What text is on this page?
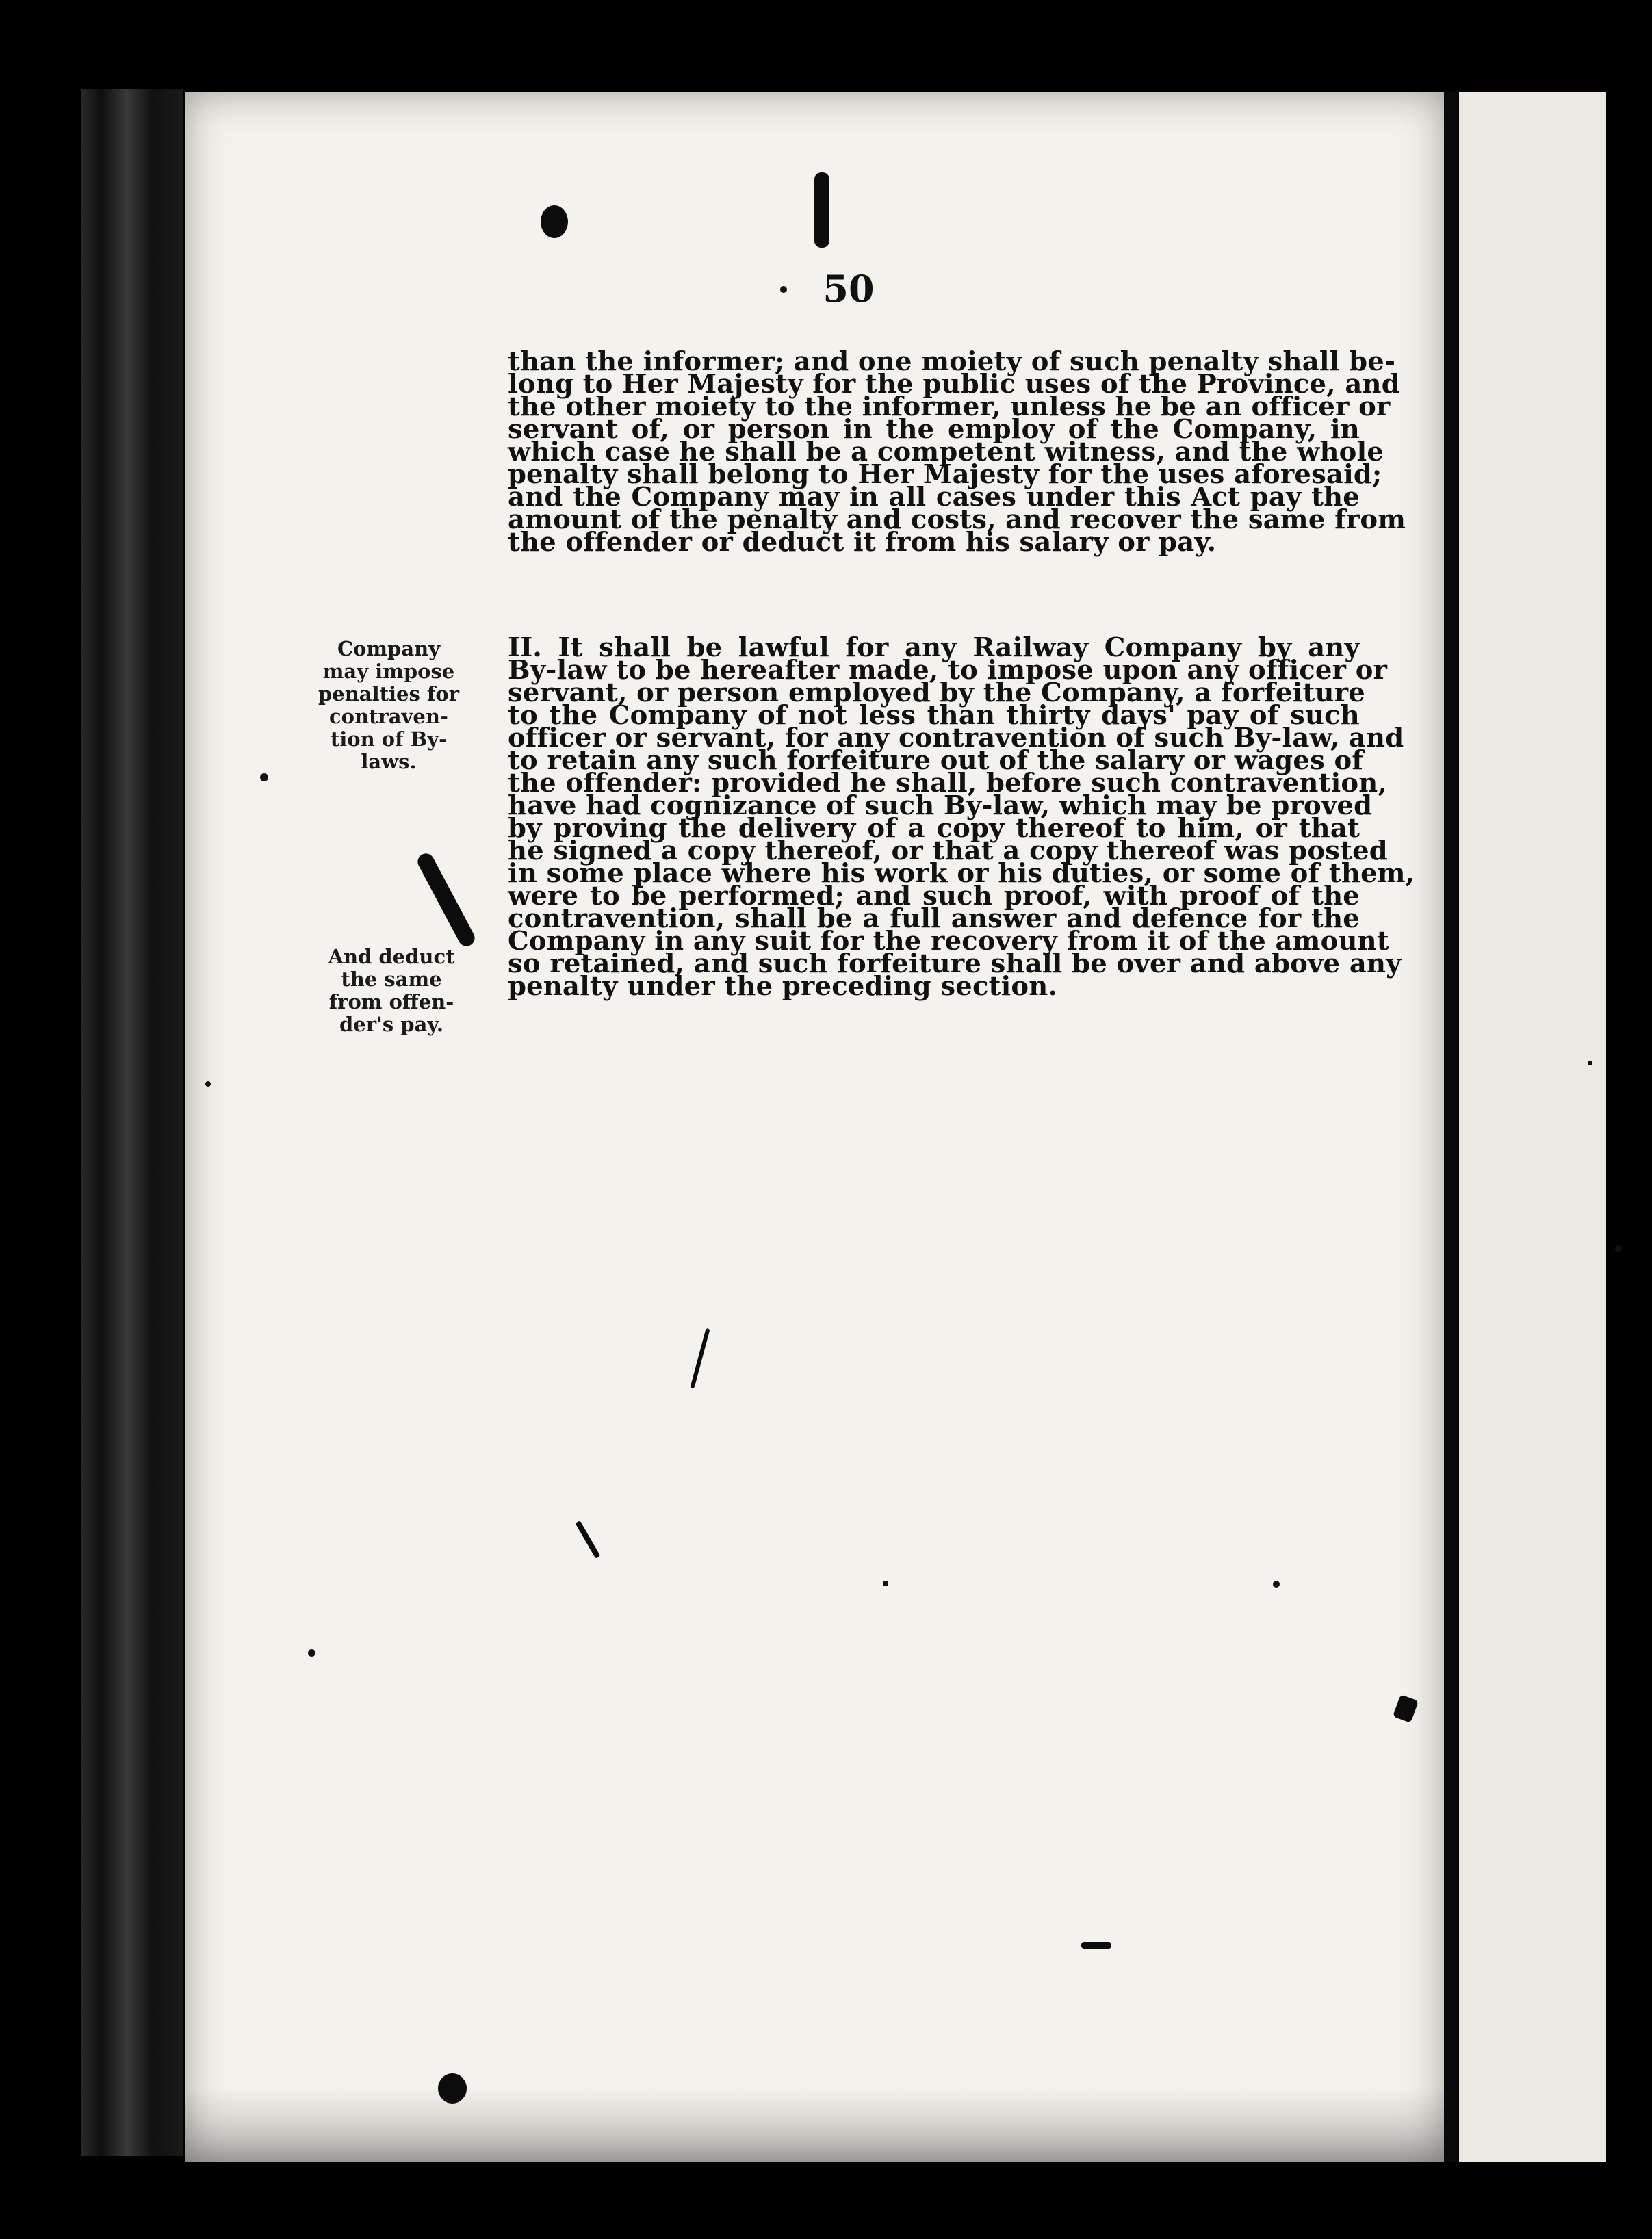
50
than the informer; and one moiety of such penalty shall be-
long to Her Majesty for the public uses of the Province, and
the other moiety to the informer, unless he be an officer or
servant of, or person in the employ of the Company, in
which case he shall be a competent witness, and the whole
penalty shall belong to Her Majesty for the uses aforesaid;
and the Company may in all cases under this Act pay the
amount of the penalty and costs, and recover the same from
the offender or deduct it from his salary or pay.
Company
may impose
penalties for
contraven-
tion of By-
laws.
II. It shall be lawful for any Railway Company by any
By-law to be hereafter made, to impose upon any officer or
servant, or person employed by the Company, a forfeiture
to the Company of not less than thirty days' pay of such
officer or servant, for any contravention of such By-law, and
to retain any such forfeiture out of the salary or wages of
the offender: provided he shall, before such contravention,
have had cognizance of such By-law, which may be proved
by proving the delivery of a copy thereof to him, or that
he signed a copy thereof, or that a copy thereof was posted
in some place where his work or his duties, or some of them,
were to be performed; and such proof, with proof of the
contravention, shall be a full answer and defence for the
Company in any suit for the recovery from it of the amount
so retained, and such forfeiture shall be over and above any
penalty under the preceding section.
And deduct
the same
from offen-
der's pay.
